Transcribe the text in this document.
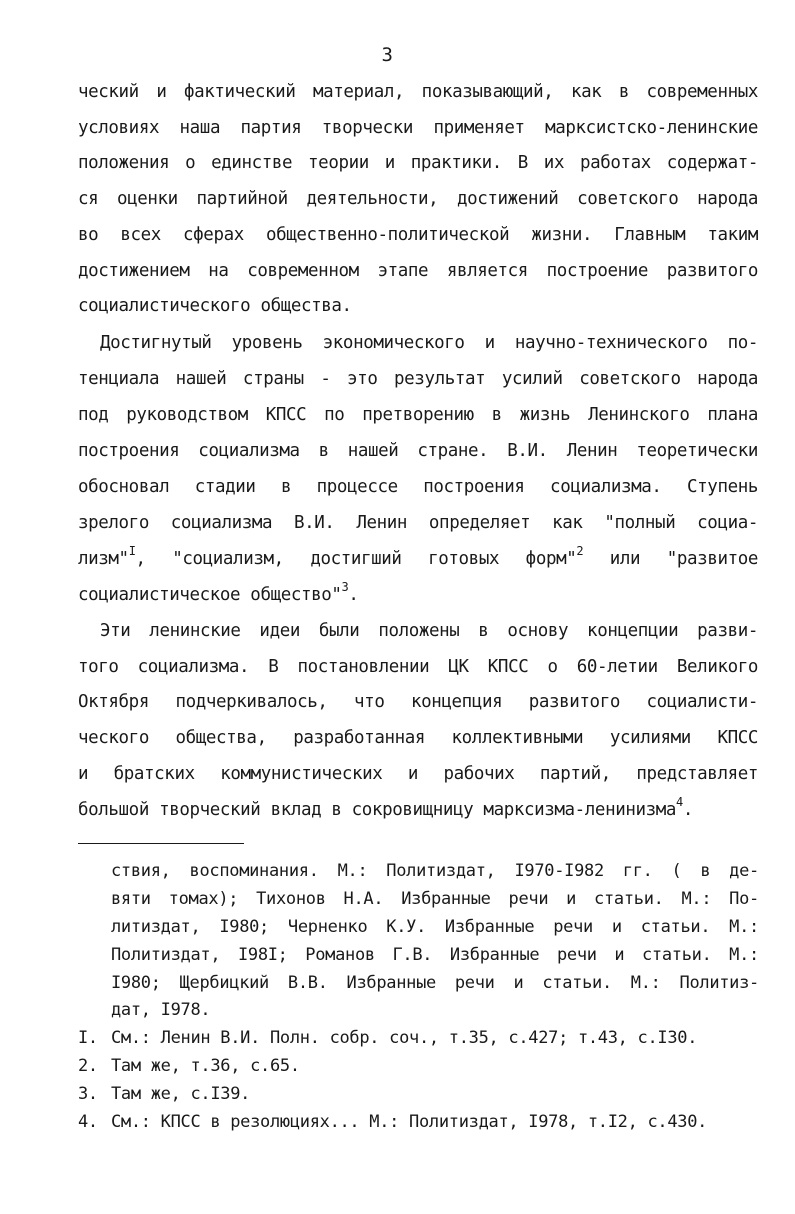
3
ческий и фактический материал, показывающий, как в современных
условиях наша партия творчески применяет марксистско-ленинские
положения о единстве теории и практики. В их работах содержат-
ся оценки партийной деятельности, достижений советского народа
во всех сферах общественно-политической жизни. Главным таким
достижением на современном этапе является построение развитого
социалистического общества.
Достигнутый уровень экономического и научно-технического по-
тенциала нашей страны - это результат усилий советского народа
под руководством КПСС по претворению в жизнь Ленинского плана
построения социализма в нашей стране. В.И. Ленин теоретически
обосновал стадии в процессе построения социализма. Ступень
зрелого социализма В.И. Ленин определяет как "полный социа-
лизм"$^I$, "социализм, достигший готовых форм"$^2$ или "развитое
социалистическое общество"$^3$.
Эти ленинские идеи были положены в основу концепции разви-
того социализма. В постановлении ЦК КПСС о 60-летии Великого
Октября подчеркивалось, что концепция развитого социалисти-
ческого общества, разработанная коллективными усилиями КПСС
и братских коммунистических и рабочих партий, представляет
большой творческий вклад в сокровищницу марксизма-ленинизма$^4$.
ствия, воспоминания. М.: Политиздат, I970-I982 гг. ( в де-
вяти томах); Тихонов Н.А. Избранные речи и статьи. М.: По-
литиздат, I980; Черненко К.У. Избранные речи и статьи. М.:
Политиздат, I98I; Романов Г.В. Избранные речи и статьи. М.:
I980; Щербицкий В.В. Избранные речи и статьи. М.: Политиз-
дат, I978.
I. См.: Ленин В.И. Полн. собр. соч., т.35, с.427; т.43, с.I30.
2. Там же, т.36, с.65.
3. Там же, с.I39.
4. См.: КПСС в резолюциях... М.: Политиздат, I978, т.I2, с.430.
